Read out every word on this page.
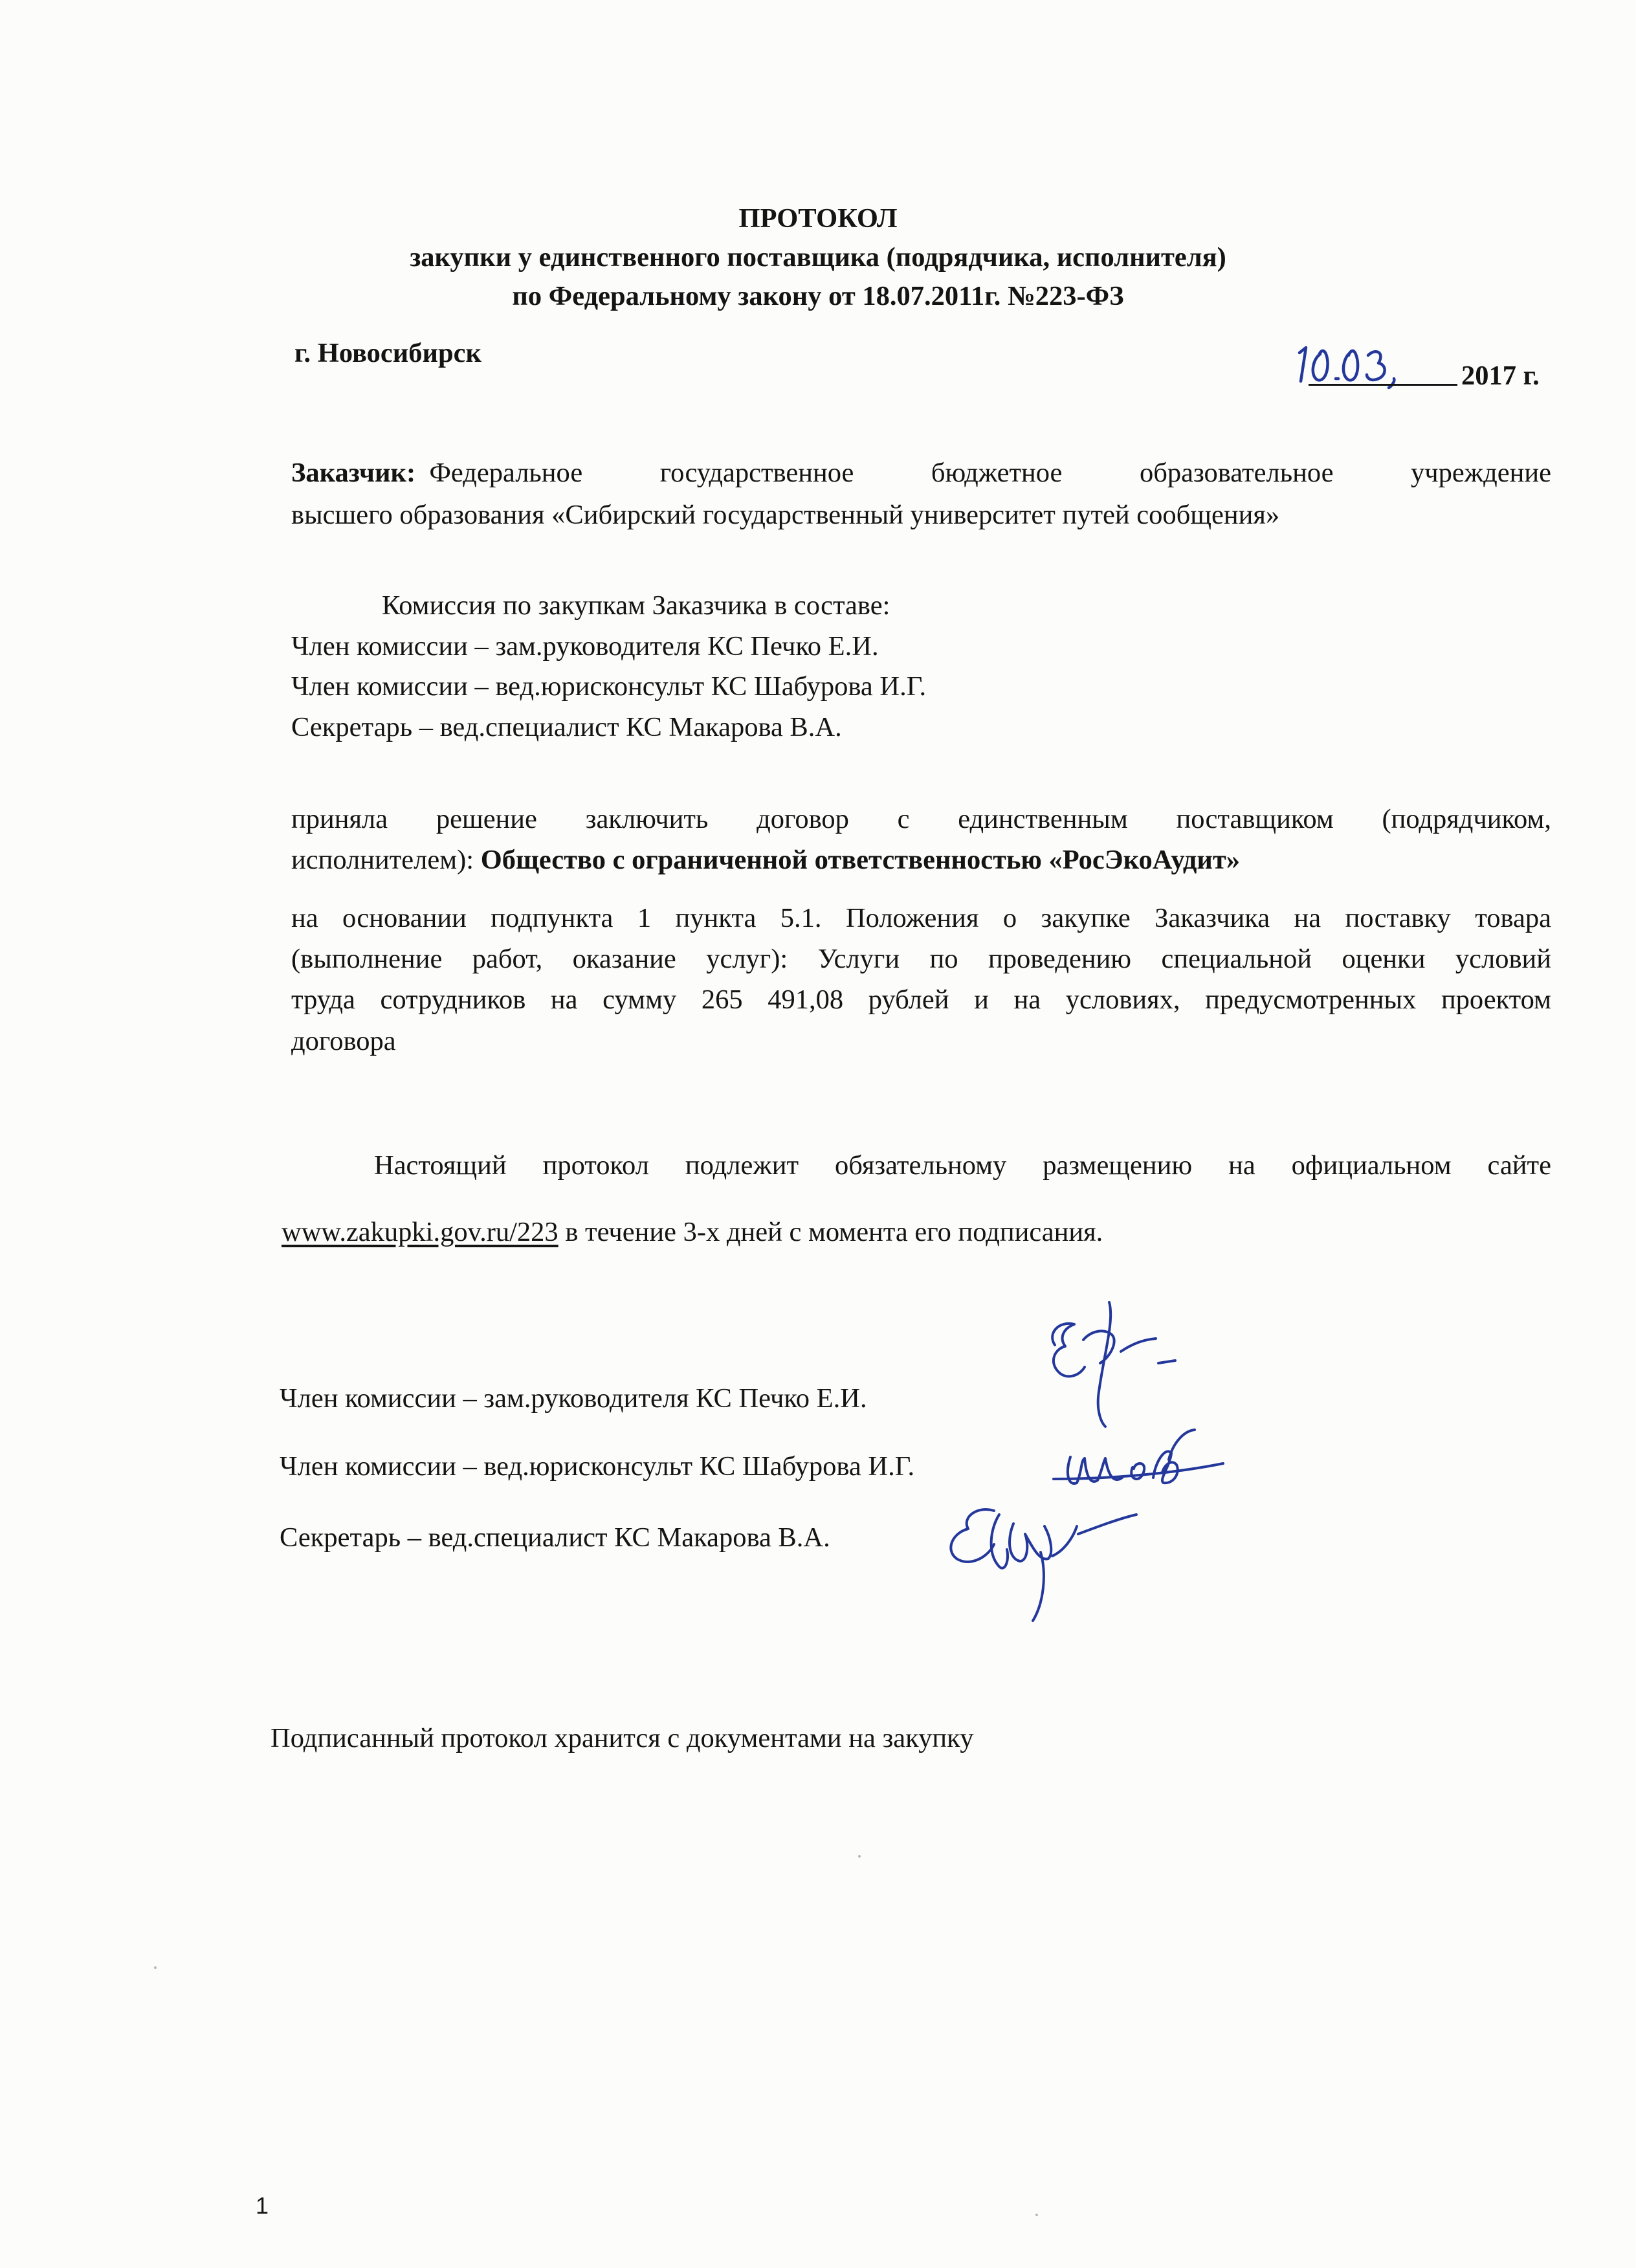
ПРОТОКОЛ
закупки у единственного поставщика (подрядчика, исполнителя)
по Федеральному закону от 18.07.2011г. №223-ФЗ
г. Новосибирск
2017 г.
Заказчик:  Федеральное государственное бюджетное образовательное учреждение
высшего образования «Сибирский государственный университет путей сообщения»
Комиссия по закупкам Заказчика в составе:
Член комиссии – зам.руководителя КС Печко Е.И.
Член комиссии – вед.юрисконсульт КС Шабурова И.Г.
Секретарь – вед.специалист КС Макарова В.А.
приняла решение заключить договор с единственным поставщиком (подрядчиком,
исполнителем): Общество с ограниченной ответственностью «РосЭкоАудит»
на основании подпункта 1 пункта 5.1. Положения о закупке Заказчика на поставку товара
(выполнение работ, оказание услуг): Услуги по проведению специальной оценки условий
труда сотрудников на сумму 265 491,08 рублей и на условиях, предусмотренных проектом
договора
Настоящий протокол подлежит обязательному размещению на официальном сайте
www.zakupki.gov.ru/223 в течение 3-х дней с момента его подписания.
Член комиссии – зам.руководителя КС Печко Е.И.
Член комиссии – вед.юрисконсульт КС Шабурова И.Г.
Секретарь – вед.специалист КС Макарова В.А.
Подписанный протокол хранится с документами на закупку
1
